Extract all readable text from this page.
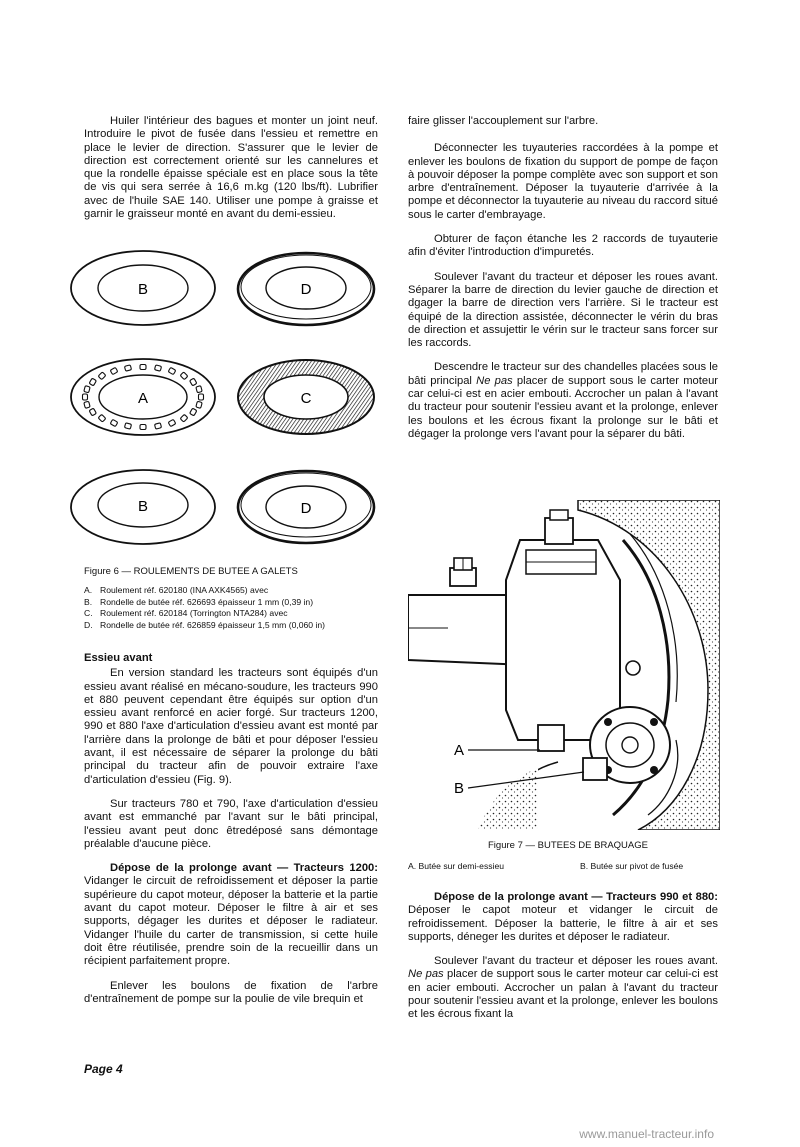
Huiler l'intérieur des bagues et monter un joint neuf. Introduire le pivot de fusée dans l'essieu et remettre en place le levier de direction. S'assurer que le levier de direction est correctement orienté sur les cannelures et que la rondelle épaisse spéciale est en place sous la tête de vis qui sera serrée à 16,6 m.kg (120 lbs/ft). Lubrifier avec de l'huile SAE 140. Utiliser une pompe à graisse et garnir le graisseur monté en avant du demi-essieu.

B	D
A	C
B	D
Figure 6 — ROULEMENTS DE BUTEE A GALETS
A. Roulement réf. 620180 (INA AXK4565) avec
B. Rondelle de butée réf. 626693 épaisseur 1 mm (0,39 in)
C. Roulement réf. 620184 (Torrington NTA284) avec
D. Rondelle de butée réf. 626859 épaisseur 1,5 mm (0,060 in)
Essieu avant

En version standard les tracteurs sont équipés d'un essieu avant réalisé en mécano-soudure, les tracteurs 990 et 880 peuvent cependant être équipés sur option d'un essieu avant renforcé en acier forgé. Sur tracteurs 1200, 990 et 880 l'axe d'articulation d'essieu avant est monté par l'arrière dans la prolonge de bâti et pour déposer l'essieu avant, il est nécessaire de séparer la prolonge du bâti principal du tracteur afin de pouvoir extraire l'axe d'articulation d'essieu (Fig. 9).

Sur tracteurs 780 et 790, l'axe d'articulation d'essieu avant est emmanché par l'avant sur le bâti principal, l'essieu avant peut donc êtredéposé sans démontage préalable d'aucune pièce.

Dépose de la prolonge avant — Tracteurs 1200: Vidanger le circuit de refroidissement et déposer la partie supérieure du capot moteur, déposer la batterie et la partie avant du capot moteur. Déposer le filtre à air et ses supports, dégager les durites et déposer le radiateur. Vidanger l'huile du carter de transmission, si cette huile doit être réutilisée, prendre soin de la recueillir dans un récipient parfaitement propre.

Enlever les boulons de fixation de l'arbre d'entraînement de pompe sur la poulie de vile brequin et

faire glisser l'accouplement sur l'arbre.

Déconnecter les tuyauteries raccordées à la pompe et enlever les boulons de fixation du support de pompe de façon à pouvoir déposer la pompe complète avec son support et son arbre d'entraînement. Déposer la tuyauterie d'arrivée à la pompe et déconnector la tuyauterie au niveau du raccord situé sous le carter d'embrayage.

Obturer de façon étanche les 2 raccords de tuyauterie afin d'éviter l'introduction d'impuretés.

Soulever l'avant du tracteur et déposer les roues avant. Séparer la barre de direction du levier gauche de direction et dgager la barre de direction vers l'arrière. Si le tracteur est équipé de la direction assistée, déconnecter le vérin du bras de direction et assujettir le vérin sur le tracteur sans forcer sur les raccords.

Descendre le tracteur sur des chandelles placées sous le bâti principal Ne pas placer de support sous le carter moteur car celui-ci est en acier embouti. Accrocher un palan à l'avant du tracteur pour soutenir l'essieu avant et la prolonge, enlever les boulons et les écrous fixant la prolonge sur le bâti et dégager la prolonge vers l'avant pour la séparer du bâti.

A
B
Figure 7 — BUTEES DE BRAQUAGE
A. Butée sur demi-essieu	B. Butée sur pivot de fusée

Dépose de la prolonge avant — Tracteurs 990 et 880: Déposer le capot moteur et vidanger le circuit de refroidissement. Déposer la batterie, le filtre à air et ses supports, déneger les durites et déposer le radiateur.

Soulever l'avant du tracteur et déposer les roues avant. Ne pas placer de support sous le carter moteur car celui-ci est en acier embouti. Accrocher un palan à l'avant du tracteur pour soutenir l'essieu avant et la prolonge, enlever les boulons et les écrous fixant la

Page 4
www.manuel-tracteur.info
